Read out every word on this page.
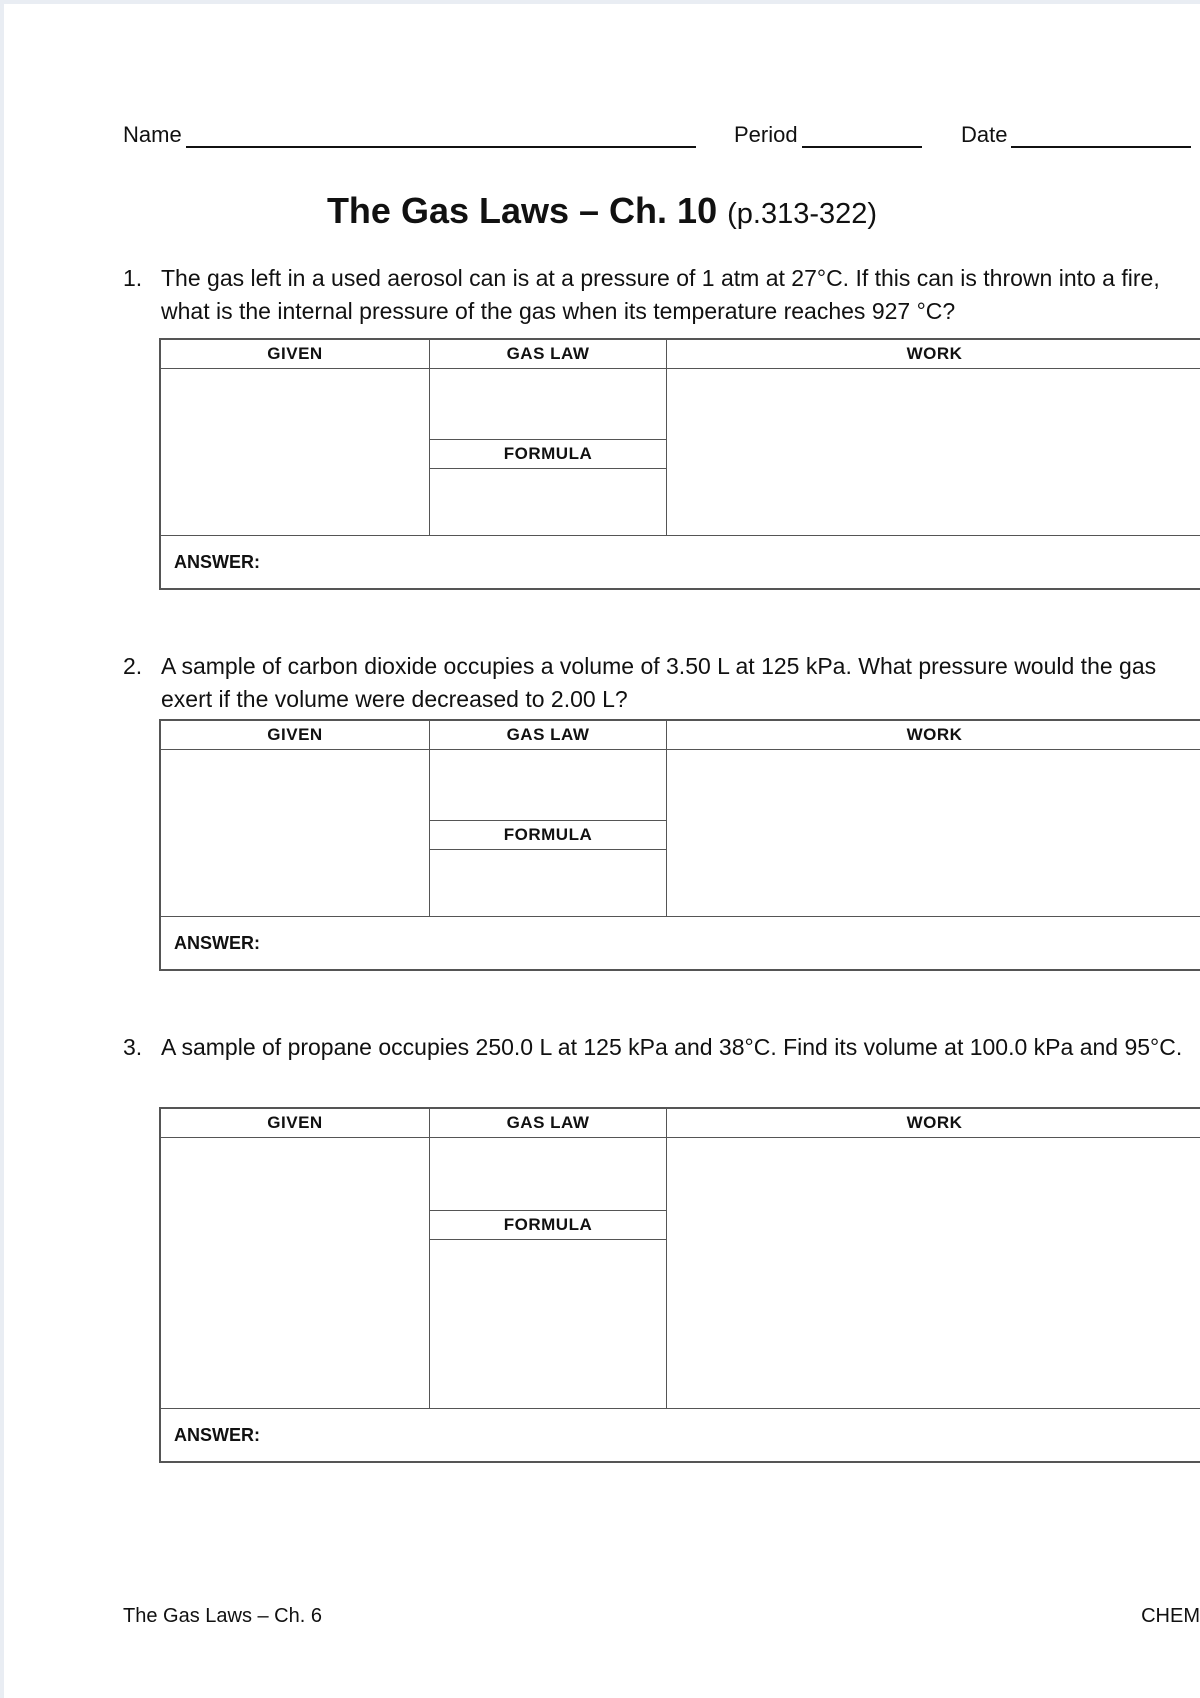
Name	Period	Date
The Gas Laws – Ch. 10 (p.313-322)
1. The gas left in a used aerosol can is at a pressure of 1 atm at 27°C. If this can is thrown into a fire, what is the internal pressure of the gas when its temperature reaches 927 °C?
GIVEN	GAS LAW	WORK

	FORMULA	

ANSWER:		
2. A sample of carbon dioxide occupies a volume of 3.50 L at 125 kPa. What pressure would the gas exert if the volume were decreased to 2.00 L?
GIVEN	GAS LAW	WORK

	FORMULA	

ANSWER:		
3. A sample of propane occupies 250.0 L at 125 kPa and 38°C. Find its volume at 100.0 kPa and 95°C.
GIVEN	GAS LAW	WORK

	FORMULA	

ANSWER:		
The Gas Laws – Ch. 6	CHEM
